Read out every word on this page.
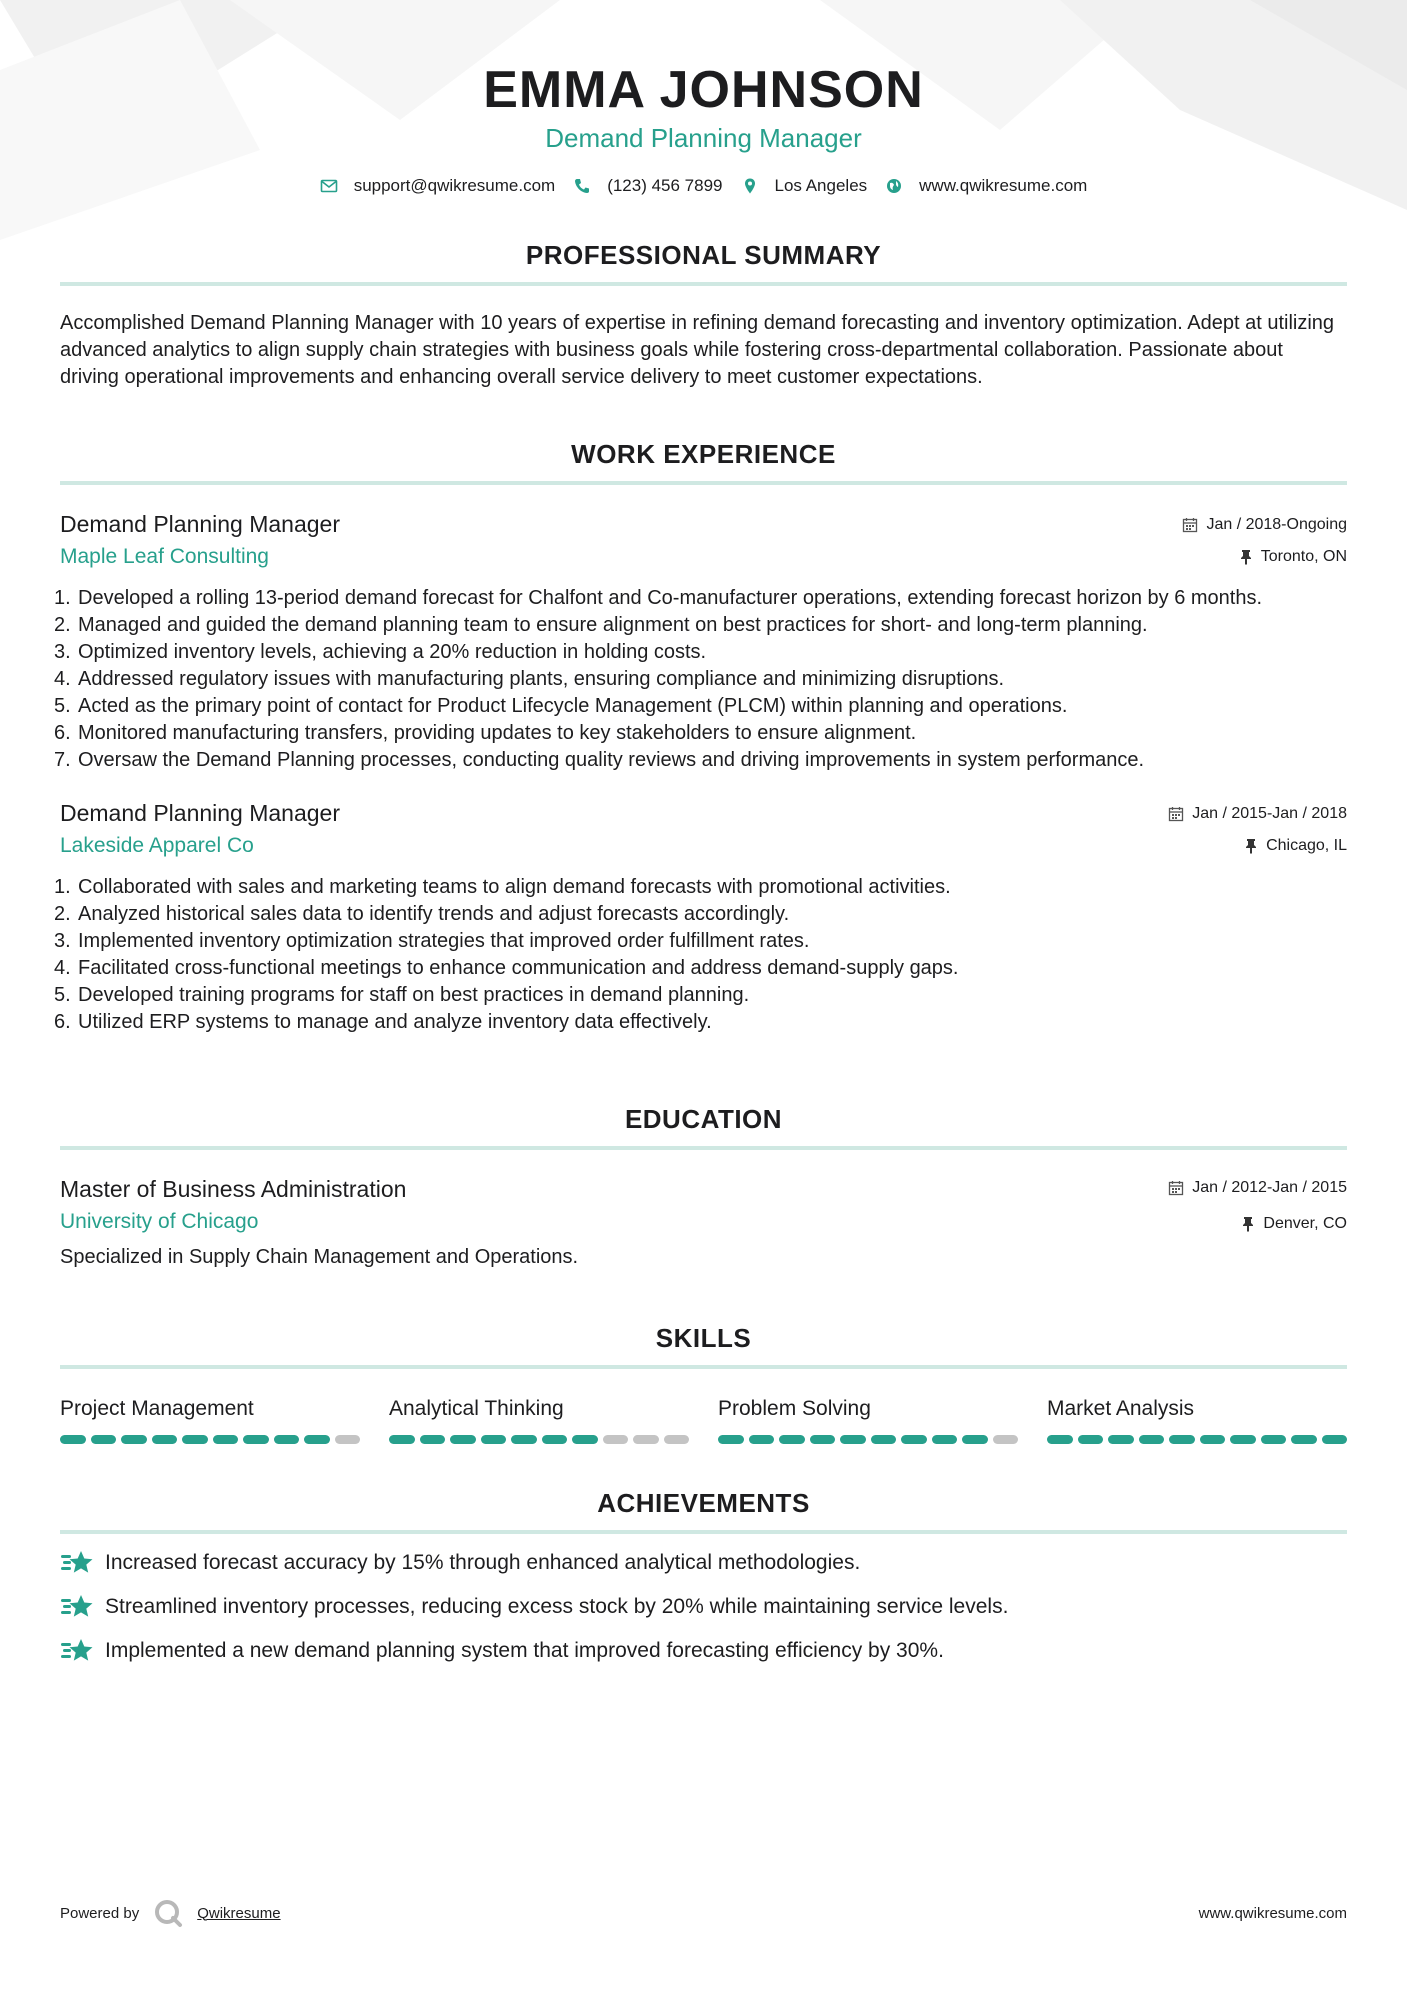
EMMA JOHNSON
Demand Planning Manager
support@qwikresume.com	(123) 456 7899	Los Angeles	www.qwikresume.com
PROFESSIONAL SUMMARY

Accomplished Demand Planning Manager with 10 years of expertise in refining demand forecasting and inventory optimization. Adept at utilizing advanced analytics to align supply chain strategies with business goals while fostering cross-departmental collaboration. Passionate about driving operational improvements and enhancing overall service delivery to meet customer expectations.

WORK EXPERIENCE
Demand Planning Manager
Maple Leaf Consulting
Jan / 2018-Ongoing
Toronto, ON
Developed a rolling 13-period demand forecast for Chalfont and Co-manufacturer operations, extending forecast horizon by 6 months.
Managed and guided the demand planning team to ensure alignment on best practices for short- and long-term planning.
Optimized inventory levels, achieving a 20% reduction in holding costs.
Addressed regulatory issues with manufacturing plants, ensuring compliance and minimizing disruptions.
Acted as the primary point of contact for Product Lifecycle Management (PLCM) within planning and operations.
Monitored manufacturing transfers, providing updates to key stakeholders to ensure alignment.
Oversaw the Demand Planning processes, conducting quality reviews and driving improvements in system performance.
Demand Planning Manager
Lakeside Apparel Co
Jan / 2015-Jan / 2018
Chicago, IL
Collaborated with sales and marketing teams to align demand forecasts with promotional activities.
Analyzed historical sales data to identify trends and adjust forecasts accordingly.
Implemented inventory optimization strategies that improved order fulfillment rates.
Facilitated cross-functional meetings to enhance communication and address demand-supply gaps.
Developed training programs for staff on best practices in demand planning.
Utilized ERP systems to manage and analyze inventory data effectively.
EDUCATION
Master of Business Administration
University of Chicago
Jan / 2012-Jan / 2015
Denver, CO

Specialized in Supply Chain Management and Operations.

SKILLS
Project Management	Analytical Thinking	Problem Solving	Market Analysis
ACHIEVEMENTS
Increased forecast accuracy by 15% through enhanced analytical methodologies.
Streamlined inventory processes, reducing excess stock by 20% while maintaining service levels.
Implemented a new demand planning system that improved forecasting efficiency by 30%.
Powered by	Qwikresume	www.qwikresume.com
